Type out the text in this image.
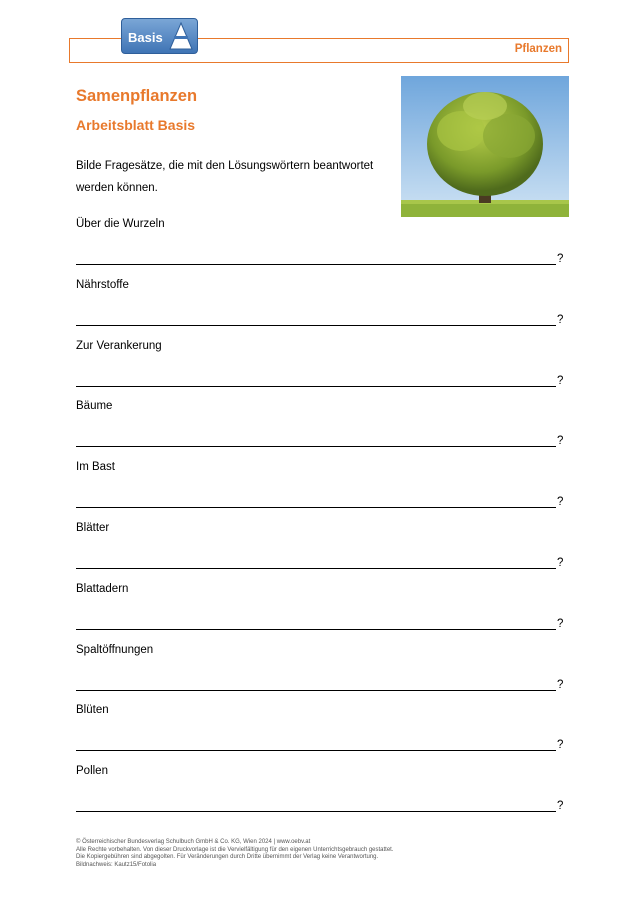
Pflanzen
Basis
Samenpflanzen
Arbeitsblatt Basis
Bilde Fragesätze, die mit den Lösungswörtern beantwortet werden können.
Über die Wurzeln
?
Nährstoffe
?
Zur Verankerung
?
Bäume
?
Im Bast
?
Blätter
?
Blattadern
?
Spaltöffnungen
?
Blüten
?
Pollen
?
© Österreichischer Bundesverlag Schulbuch GmbH & Co. KG, Wien 2024 | www.oebv.at
Alle Rechte vorbehalten. Von dieser Druckvorlage ist die Vervielfältigung für den eigenen Unterrichtsgebrauch gestattet.
Die Kopiergebühren sind abgegolten. Für Veränderungen durch Dritte übernimmt der Verlag keine Verantwortung.
Bildnachweis: Kautz15/Fotolia
